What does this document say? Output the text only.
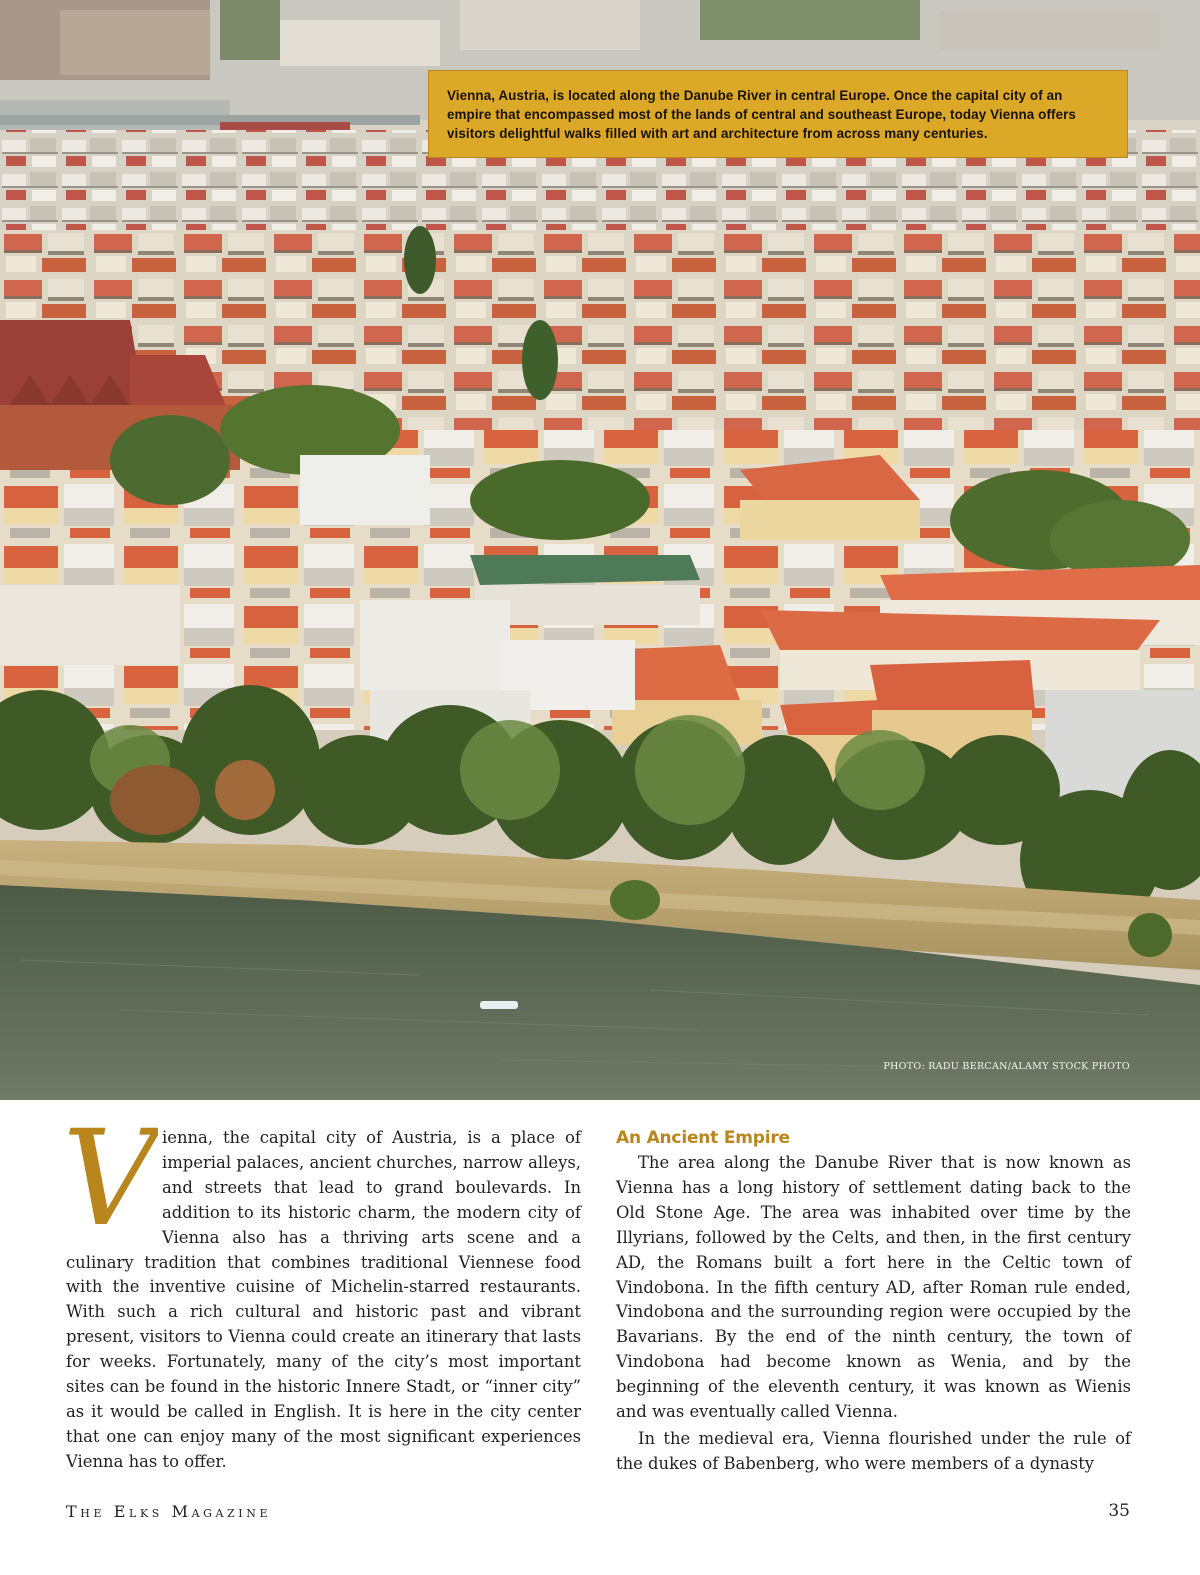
Vienna, Austria, is located along the Danube River in central Europe. Once the capital city of an empire that encompassed most of the lands of central and southeast Europe, today Vienna offers visitors delightful walks filled with art and architecture from across many centuries.
PHOTO: RADU BERCAN/ALAMY STOCK PHOTO
V ienna, the capital city of Austria, is a place of imperial palaces, ancient churches, narrow alleys, and streets that lead to grand boulevards. In addition to its historic charm, the modern city of Vienna also has a thriving arts scene and a culinary tradition that combines traditional Viennese food with the inventive cuisine of Michelin-starred restaurants. With such a rich cultural and historic past and vibrant present, visitors to Vienna could create an itinerary that lasts for weeks. Fortunately, many of the city’s most important sites can be found in the historic Innere Stadt, or “inner city” as it would be called in English. It is here in the city center that one can enjoy many of the most significant experiences Vienna has to offer.

An Ancient Empire

The area along the Danube River that is now known as Vienna has a long history of settlement dating back to the Old Stone Age. The area was inhabited over time by the Illyrians, followed by the Celts, and then, in the first century AD, the Romans built a fort here in the Celtic town of Vindobona. In the fifth century AD, after Roman rule ended, Vindobona and the surrounding region were occupied by the Bavarians. By the end of the ninth century, the town of Vindobona had become known as Wenia, and by the beginning of the eleventh century, it was known as Wienis and was eventually called Vienna.

In the medieval era, Vienna flourished under the rule of the dukes of Babenberg, who were members of a dynasty

The Elks Magazine	35
